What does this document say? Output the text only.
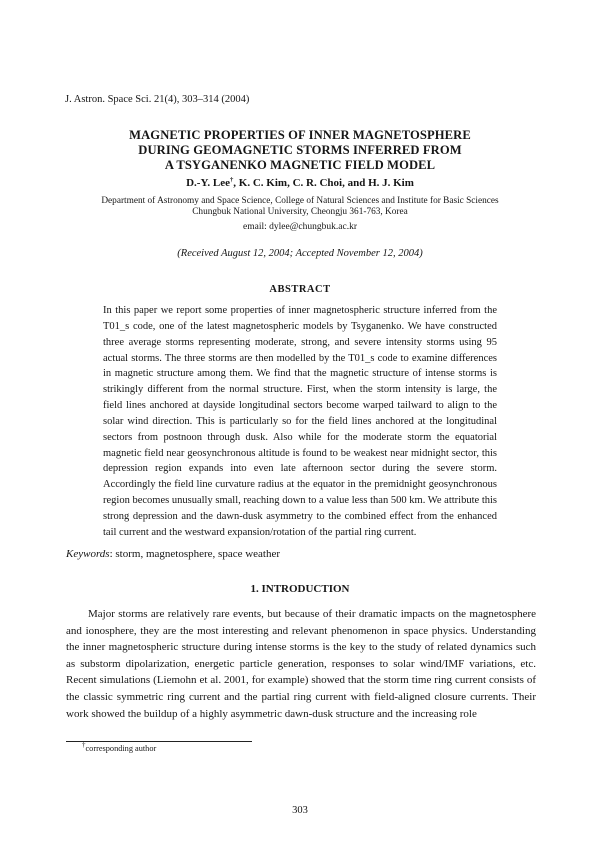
J. Astron. Space Sci. 21(4), 303–314 (2004)
MAGNETIC PROPERTIES OF INNER MAGNETOSPHERE
DURING GEOMAGNETIC STORMS INFERRED FROM
A TSYGANENKO MAGNETIC FIELD MODEL
D.-Y. Lee†, K. C. Kim, C. R. Choi, and H. J. Kim
Department of Astronomy and Space Science, College of Natural Sciences and Institute for Basic Sciences
Chungbuk National University, Cheongju 361-763, Korea
email: dylee@chungbuk.ac.kr
(Received August 12, 2004; Accepted November 12, 2004)
ABSTRACT
In this paper we report some properties of inner magnetospheric structure inferred from the T01_s code, one of the latest magnetospheric models by Tsyganenko. We have constructed three average storms representing moderate, strong, and severe intensity storms using 95 actual storms. The three storms are then modelled by the T01_s code to examine differences in magnetic structure among them. We find that the magnetic structure of intense storms is strikingly different from the normal structure. First, when the storm intensity is large, the field lines anchored at dayside longitudinal sectors become warped tailward to align to the solar wind direction. This is particularly so for the field lines anchored at the longitudinal sectors from postnoon through dusk. Also while for the moderate storm the equatorial magnetic field near geosynchronous altitude is found to be weakest near midnight sector, this depression region expands into even late afternoon sector during the severe storm. Accordingly the field line curvature radius at the equator in the premidnight geosynchronous region becomes unusually small, reaching down to a value less than 500 km. We attribute this strong depression and the dawn-dusk asymmetry to the combined effect from the enhanced tail current and the westward expansion/rotation of the partial ring current.
Keywords: storm, magnetosphere, space weather
1. INTRODUCTION
Major storms are relatively rare events, but because of their dramatic impacts on the magnetosphere and ionosphere, they are the most interesting and relevant phenomenon in space physics. Understanding the inner magnetospheric structure during intense storms is the key to the study of related dynamics such as substorm dipolarization, energetic particle generation, responses to solar wind/IMF variations, etc. Recent simulations (Liemohn et al. 2001, for example) showed that the storm time ring current consists of the classic symmetric ring current and the partial ring current with field-aligned closure currents. Their work showed the buildup of a highly asymmetric dawn-dusk structure and the increasing role
†corresponding author
303
